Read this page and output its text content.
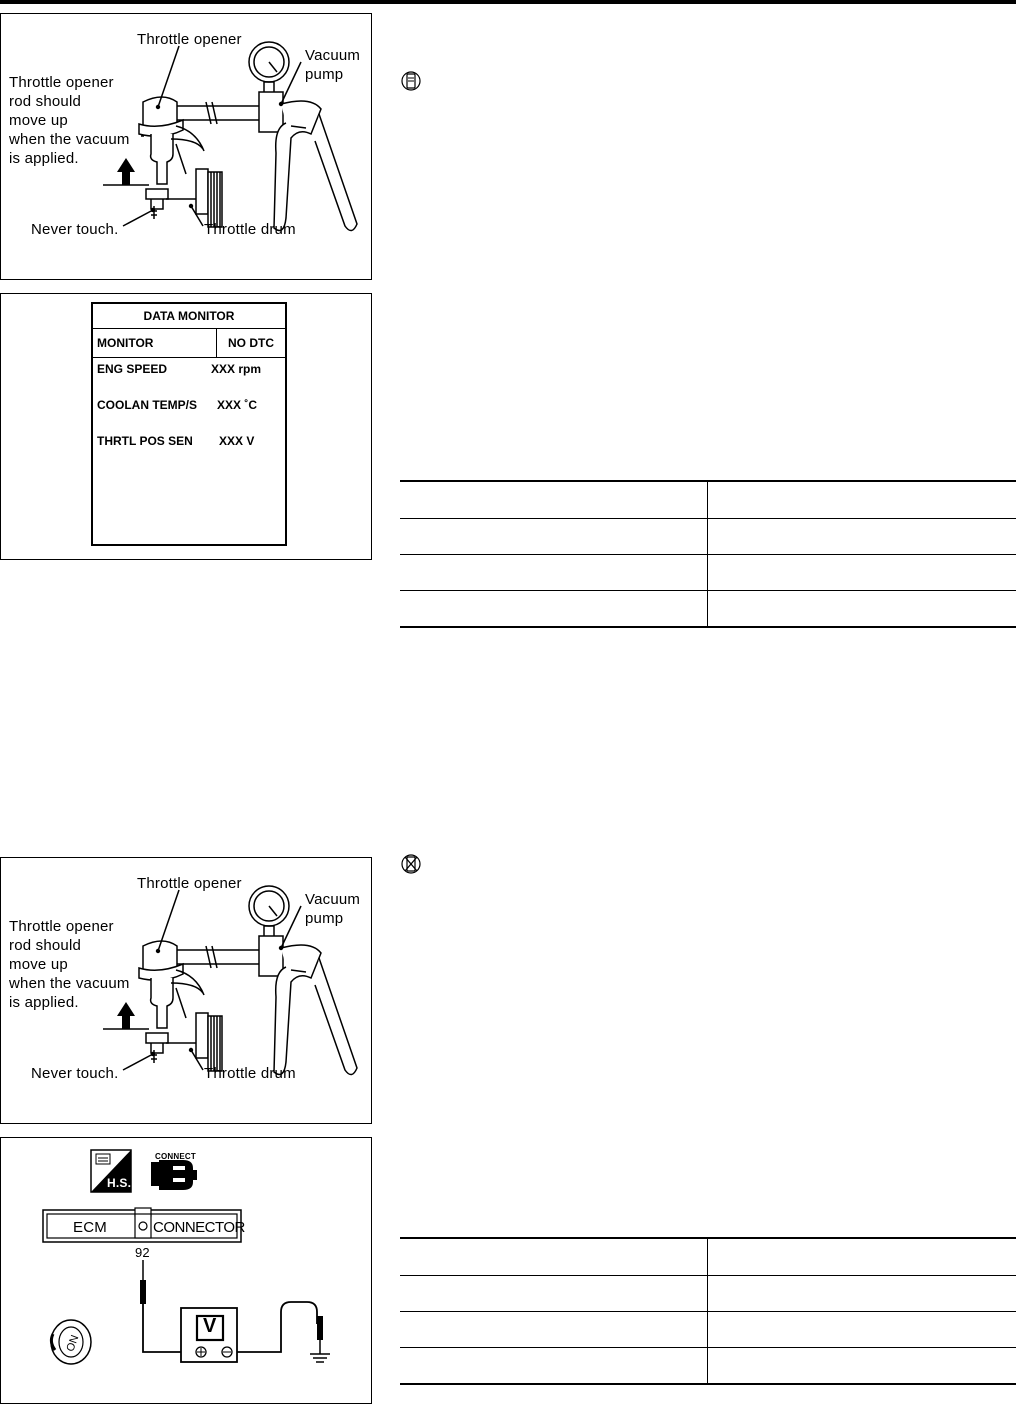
Throttle opener
Vacuum
pump
Throttle opener
rod should
move up
when the vacuum
is applied.
Never touch.	Throttle drum
DATA MONITOR
MONITOR	NO DTC
ENG SPEED	XXX rpm
COOLAN TEMP/S XXX ˚C
THRTL POS SEN XXX V

Throttle opener
Vacuum
pump
Throttle opener
rod should
move up
when the vacuum
is applied.
Never touch.	Throttle drum
CONNECT
H.S.
ECM	CONNECTOR
92
V
ON
